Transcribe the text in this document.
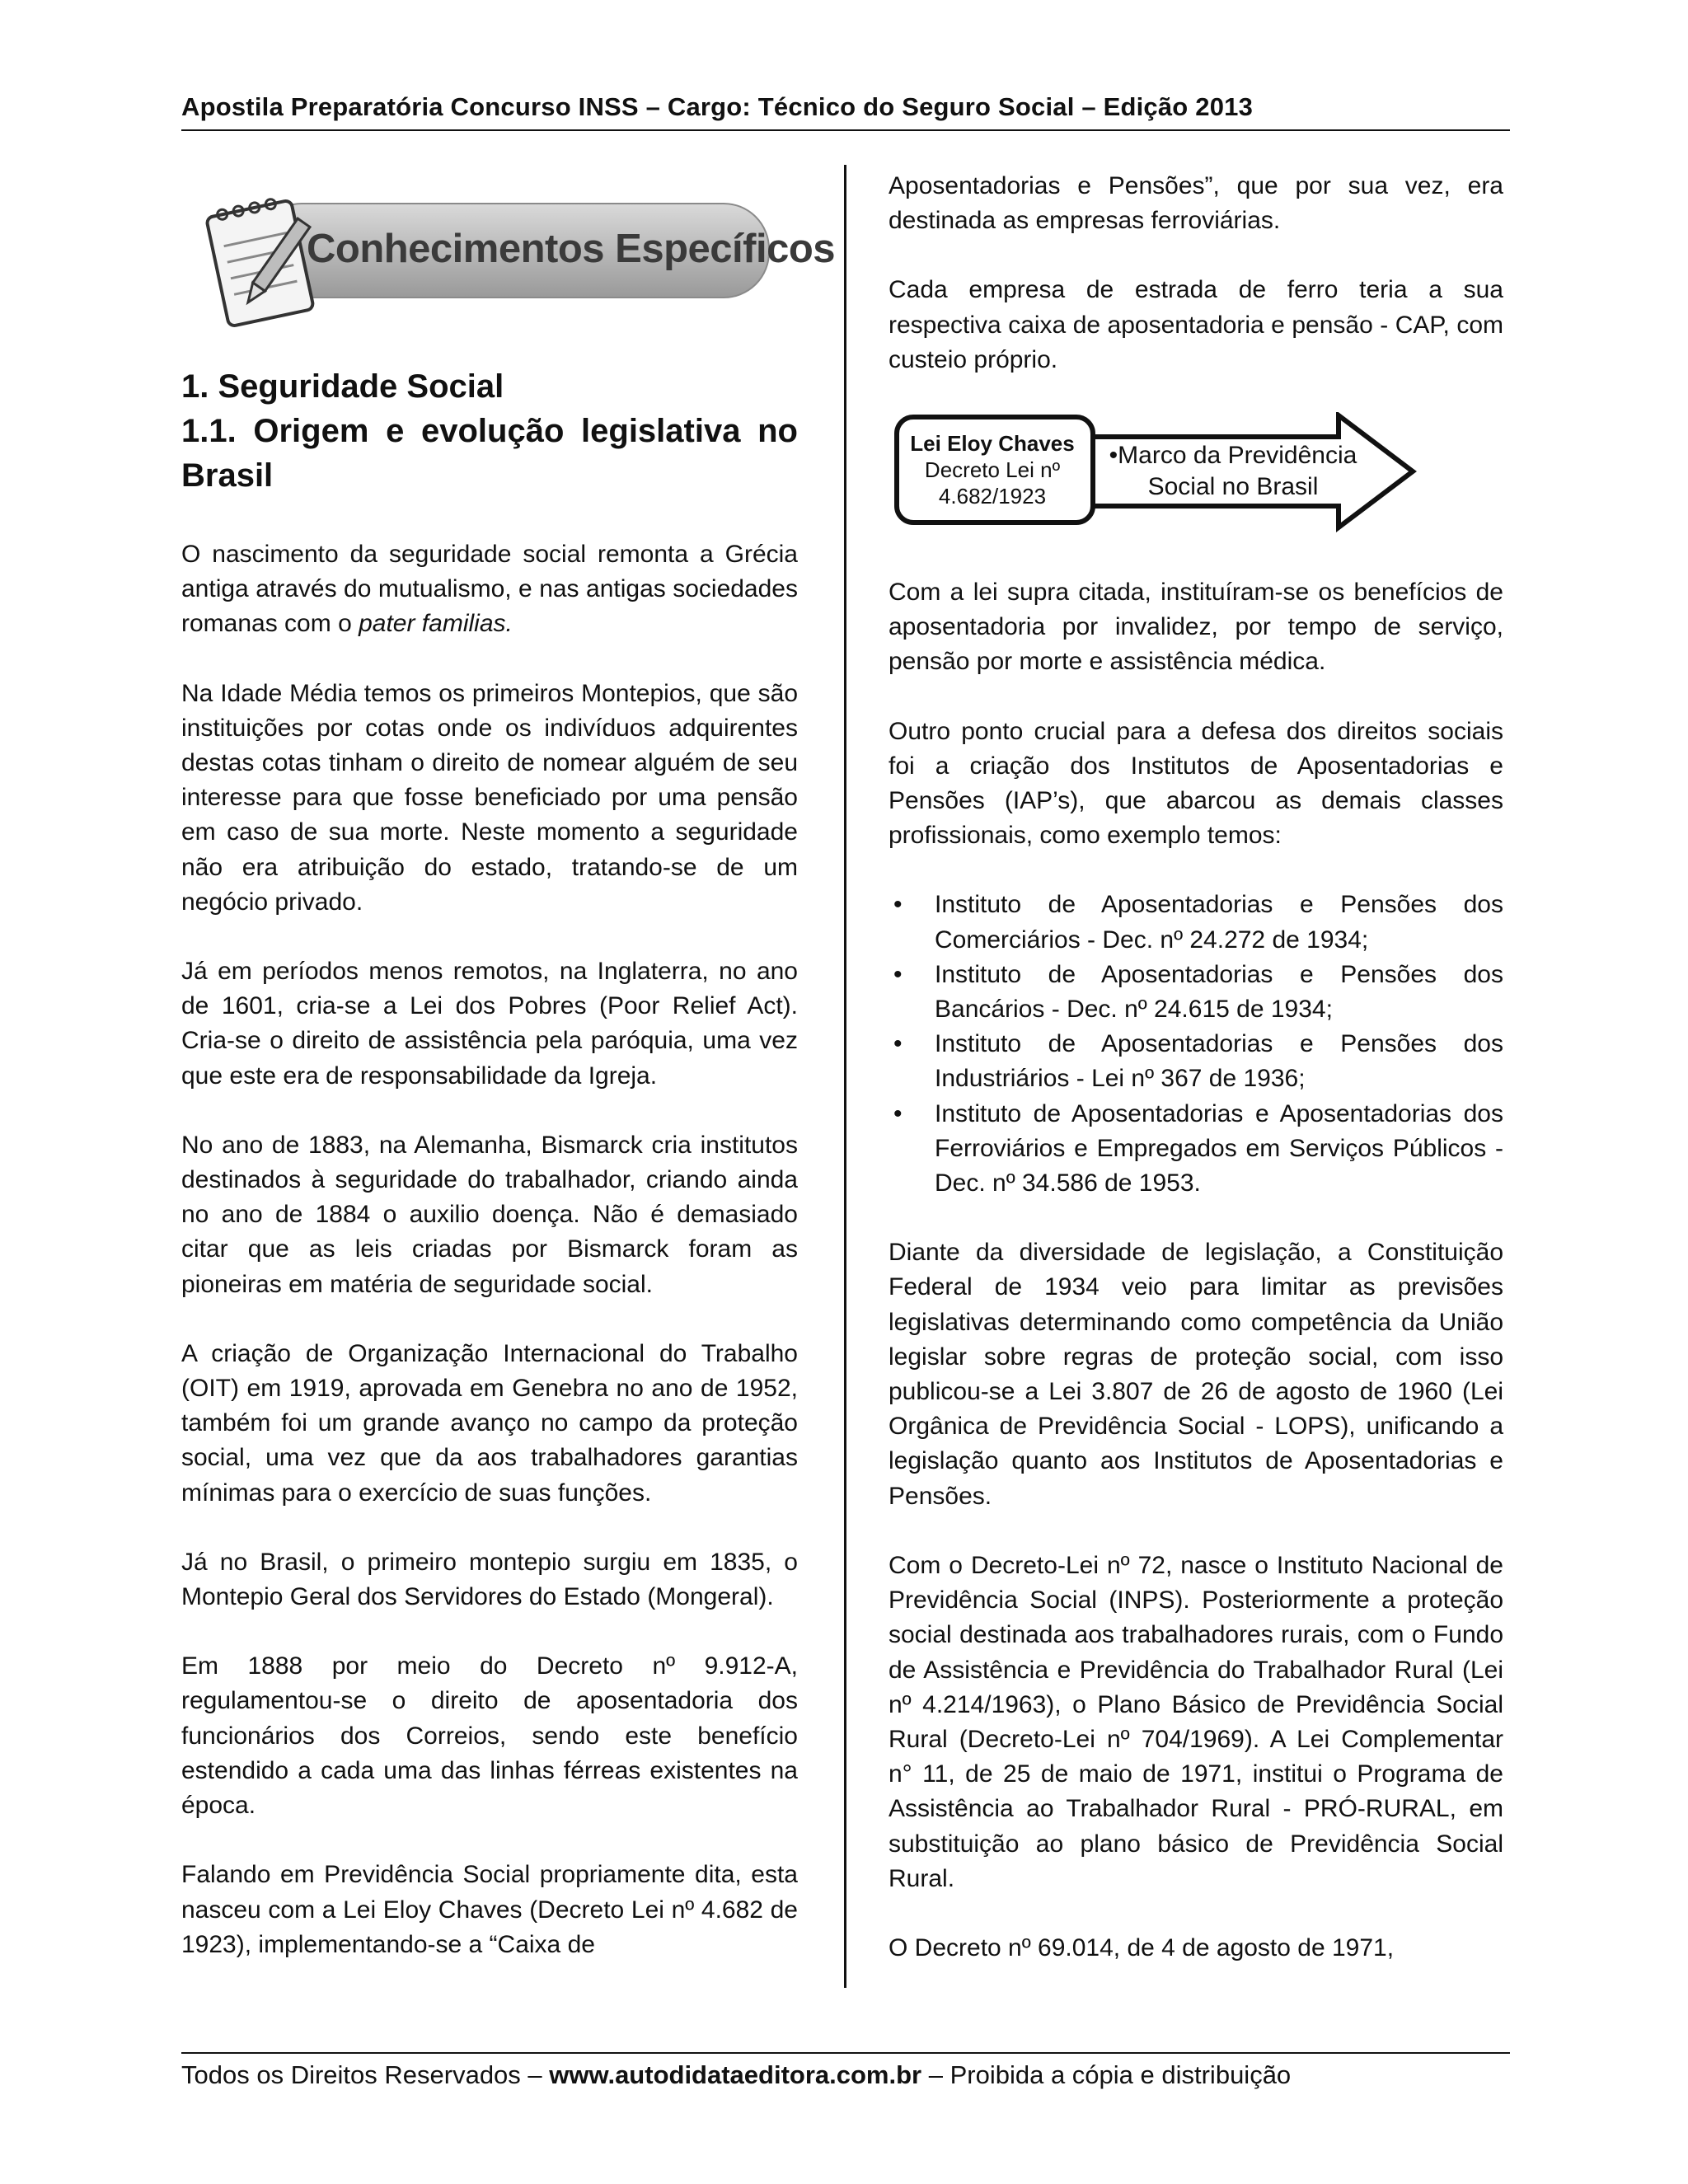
Apostila Preparatória Concurso INSS – Cargo: Técnico do Seguro Social – Edição 2013
Conhecimentos Específicos
1. Seguridade Social
1.1. Origem e evolução legislativa no
Brasil

O nascimento da seguridade social remonta a Grécia antiga através do mutualismo, e nas antigas sociedades romanas com o pater familias.

Na Idade Média temos os primeiros Montepios, que são instituições por cotas onde os indivíduos adquirentes destas cotas tinham o direito de nomear alguém de seu interesse para que fosse beneficiado por uma pensão em caso de sua morte. Neste momento a seguridade não era atribuição do estado, tratando-se de um negócio privado.

Já em períodos menos remotos, na Inglaterra, no ano de 1601, cria-se a Lei dos Pobres (Poor Relief Act). Cria-se o direito de assistência pela paróquia, uma vez que este era de responsabilidade da Igreja.

No ano de 1883, na Alemanha, Bismarck cria institutos destinados à seguridade do trabalhador, criando ainda no ano de 1884 o auxilio doença. Não é demasiado citar que as leis criadas por Bismarck foram as pioneiras em matéria de seguridade social.

A criação de Organização Internacional do Trabalho (OIT) em 1919, aprovada em Genebra no ano de 1952, também foi um grande avanço no campo da proteção social, uma vez que da aos trabalhadores garantias mínimas para o exercício de suas funções.

Já no Brasil, o primeiro montepio surgiu em 1835, o Montepio Geral dos Servidores do Estado (Mongeral).

Em 1888 por meio do Decreto nº 9.912-A, regulamentou-se o direito de aposentadoria dos funcionários dos Correios, sendo este benefício estendido a cada uma das linhas férreas existentes na época.

Falando em Previdência Social propriamente dita, esta nasceu com a Lei Eloy Chaves (Decreto Lei nº 4.682 de 1923), implementando-se a “Caixa de

Aposentadorias e Pensões”, que por sua vez, era destinada as empresas ferroviárias.

Cada empresa de estrada de ferro teria a sua respectiva caixa de aposentadoria e pensão - CAP, com custeio próprio.

Lei Eloy Chaves
Decreto Lei nº
4.682/1923
•Marco da Previdência Social no Brasil

Com a lei supra citada, instituíram-se os benefícios de aposentadoria por invalidez, por tempo de serviço, pensão por morte e assistência médica.

Outro ponto crucial para a defesa dos direitos sociais foi a criação dos Institutos de Aposentadorias e Pensões (IAP’s), que abarcou as demais classes profissionais, como exemplo temos:

• Instituto de Aposentadorias e Pensões dos Comerciários - Dec. nº 24.272 de 1934;
• Instituto de Aposentadorias e Pensões dos Bancários - Dec. nº 24.615 de 1934;
• Instituto de Aposentadorias e Pensões dos Industriários - Lei nº 367 de 1936;
• Instituto de Aposentadorias e Aposentadorias dos Ferroviários e Empregados em Serviços Públicos - Dec. nº 34.586 de 1953.

Diante da diversidade de legislação, a Constituição Federal de 1934 veio para limitar as previsões legislativas determinando como competência da União legislar sobre regras de proteção social, com isso publicou-se a Lei 3.807 de 26 de agosto de 1960 (Lei Orgânica de Previdência Social - LOPS), unificando a legislação quanto aos Institutos de Aposentadorias e Pensões.

Com o Decreto-Lei nº 72, nasce o Instituto Nacional de Previdência Social (INPS). Posteriormente a proteção social destinada aos trabalhadores rurais, com o Fundo de Assistência e Previdência do Trabalhador Rural (Lei nº 4.214/1963), o Plano Básico de Previdência Social Rural (Decreto-Lei nº 704/1969). A Lei Complementar n° 11, de 25 de maio de 1971, institui o Programa de Assistência ao Trabalhador Rural - PRÓ-RURAL, em substituição ao plano básico de Previdência Social Rural.

O Decreto nº 69.014, de 4 de agosto de 1971,

Todos os Direitos Reservados – www.autodidataeditora.com.br – Proibida a cópia e distribuição
